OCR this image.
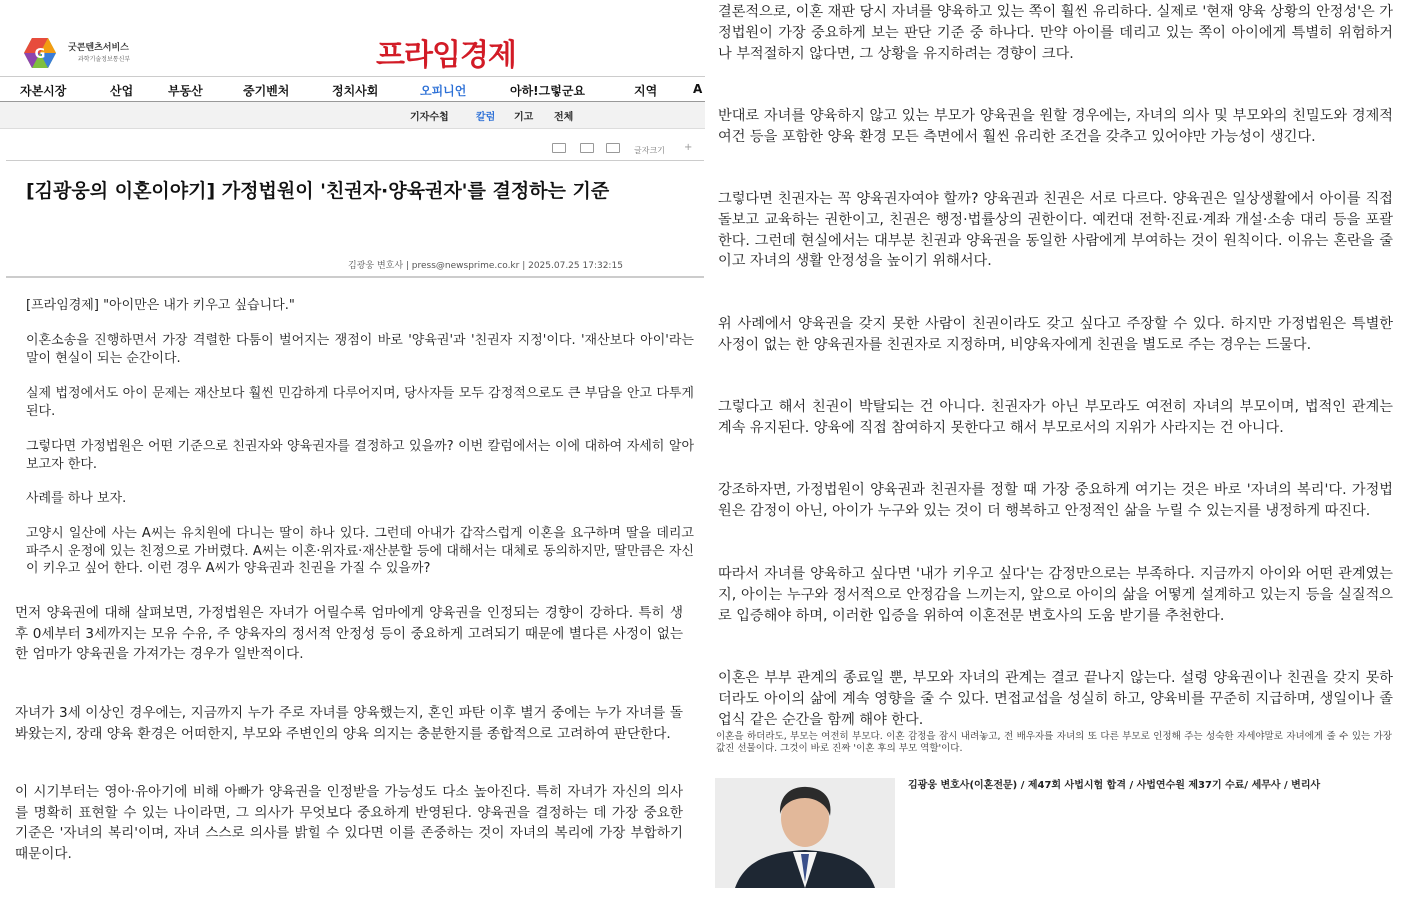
G	굿콘텐츠서비스
과학기술정보통신부	프라임경제
자본시장	산업	부동산	중기벤처	정치사회	오피니언	아하!그렇군요	지역	A
기자수첩	칼럼 기고 전체
글자크기 +
[김광웅의 이혼이야기] 가정법원이 '친권자·양육권자'를 결정하는 기준
김광웅 변호사 | press@newsprime.co.kr | 2025.07.25 17:32:15
[프라임경제] "아이만은 내가 키우고 싶습니다."
이혼소송을 진행하면서 가장 격렬한 다툼이 벌어지는 쟁점이 바로 '양육권'과 '친권자 지정'이다. '재산보다 아이'라는 말이 현실이 되는 순간이다.
실제 법정에서도 아이 문제는 재산보다 훨씬 민감하게 다루어지며, 당사자들 모두 감정적으로도 큰 부담을 안고 다투게 된다.
그렇다면 가정법원은 어떤 기준으로 친권자와 양육권자를 결정하고 있을까? 이번 칼럼에서는 이에 대하여 자세히 알아보고자 한다.
사례를 하나 보자.
고양시 일산에 사는 A씨는 유치원에 다니는 딸이 하나 있다. 그런데 아내가 갑작스럽게 이혼을 요구하며 딸을 데리고 파주시 운정에 있는 친정으로 가버렸다. A씨는 이혼·위자료·재산분할 등에 대해서는 대체로 동의하지만, 딸만큼은 자신이 키우고 싶어 한다. 이런 경우 A씨가 양육권과 친권을 가질 수 있을까?
먼저 양육권에 대해 살펴보면, 가정법원은 자녀가 어릴수록 엄마에게 양육권을 인정되는 경향이 강하다. 특히 생후 0세부터 3세까지는 모유 수유, 주 양육자의 정서적 안정성 등이 중요하게 고려되기 때문에 별다른 사정이 없는 한 엄마가 양육권을 가져가는 경우가 일반적이다.
자녀가 3세 이상인 경우에는, 지금까지 누가 주로 자녀를 양육했는지, 혼인 파탄 이후 별거 중에는 누가 자녀를 돌봐왔는지, 장래 양육 환경은 어떠한지, 부모와 주변인의 양육 의지는 충분한지를 종합적으로 고려하여 판단한다.
이 시기부터는 영아·유아기에 비해 아빠가 양육권을 인정받을 가능성도 다소 높아진다. 특히 자녀가 자신의 의사를 명확히 표현할 수 있는 나이라면, 그 의사가 무엇보다 중요하게 반영된다. 양육권을 결정하는 데 가장 중요한 기준은 '자녀의 복리'이며, 자녀 스스로 의사를 밝힐 수 있다면 이를 존중하는 것이 자녀의 복리에 가장 부합하기 때문이다.
결론적으로, 이혼 재판 당시 자녀를 양육하고 있는 쪽이 훨씬 유리하다. 실제로 '현재 양육 상황의 안정성'은 가정법원이 가장 중요하게 보는 판단 기준 중 하나다. 만약 아이를 데리고 있는 쪽이 아이에게 특별히 위험하거나 부적절하지 않다면, 그 상황을 유지하려는 경향이 크다.
반대로 자녀를 양육하지 않고 있는 부모가 양육권을 원할 경우에는, 자녀의 의사 및 부모와의 친밀도와 경제적 여건 등을 포함한 양육 환경 모든 측면에서 훨씬 유리한 조건을 갖추고 있어야만 가능성이 생긴다.
그렇다면 친권자는 꼭 양육권자여야 할까? 양육권과 친권은 서로 다르다. 양육권은 일상생활에서 아이를 직접 돌보고 교육하는 권한이고, 친권은 행정·법률상의 권한이다. 예컨대 전학·진료·계좌 개설·소송 대리 등을 포괄한다. 그런데 현실에서는 대부분 친권과 양육권을 동일한 사람에게 부여하는 것이 원칙이다. 이유는 혼란을 줄이고 자녀의 생활 안정성을 높이기 위해서다.
위 사례에서 양육권을 갖지 못한 사람이 친권이라도 갖고 싶다고 주장할 수 있다. 하지만 가정법원은 특별한 사정이 없는 한 양육권자를 친권자로 지정하며, 비양육자에게 친권을 별도로 주는 경우는 드물다.
그렇다고 해서 친권이 박탈되는 건 아니다. 친권자가 아닌 부모라도 여전히 자녀의 부모이며, 법적인 관계는 계속 유지된다. 양육에 직접 참여하지 못한다고 해서 부모로서의 지위가 사라지는 건 아니다.
강조하자면, 가정법원이 양육권과 친권자를 정할 때 가장 중요하게 여기는 것은 바로 '자녀의 복리'다. 가정법원은 감정이 아닌, 아이가 누구와 있는 것이 더 행복하고 안정적인 삶을 누릴 수 있는지를 냉정하게 따진다.
따라서 자녀를 양육하고 싶다면 '내가 키우고 싶다'는 감정만으로는 부족하다. 지금까지 아이와 어떤 관계였는지, 아이는 누구와 정서적으로 안정감을 느끼는지, 앞으로 아이의 삶을 어떻게 설계하고 있는지 등을 실질적으로 입증해야 하며, 이러한 입증을 위하여 이혼전문 변호사의 도움 받기를 추천한다.
이혼은 부부 관계의 종료일 뿐, 부모와 자녀의 관계는 결코 끝나지 않는다. 설령 양육권이나 친권을 갖지 못하더라도 아이의 삶에 계속 영향을 줄 수 있다. 면접교섭을 성실히 하고, 양육비를 꾸준히 지급하며, 생일이나 졸업식 같은 순간을 함께 해야 한다.
이혼을 하더라도, 부모는 여전히 부모다. 이혼 감정을 잠시 내려놓고, 전 배우자를 자녀의 또 다른 부모로 인정해 주는 성숙한 자세야말로 자녀에게 줄 수 있는 가장 값진 선물이다. 그것이 바로 진짜 '이혼 후의 부모 역할'이다.
김광웅 변호사(이혼전문) / 제47회 사법시험 합격 / 사법연수원 제37기 수료/ 세무사 / 변리사
